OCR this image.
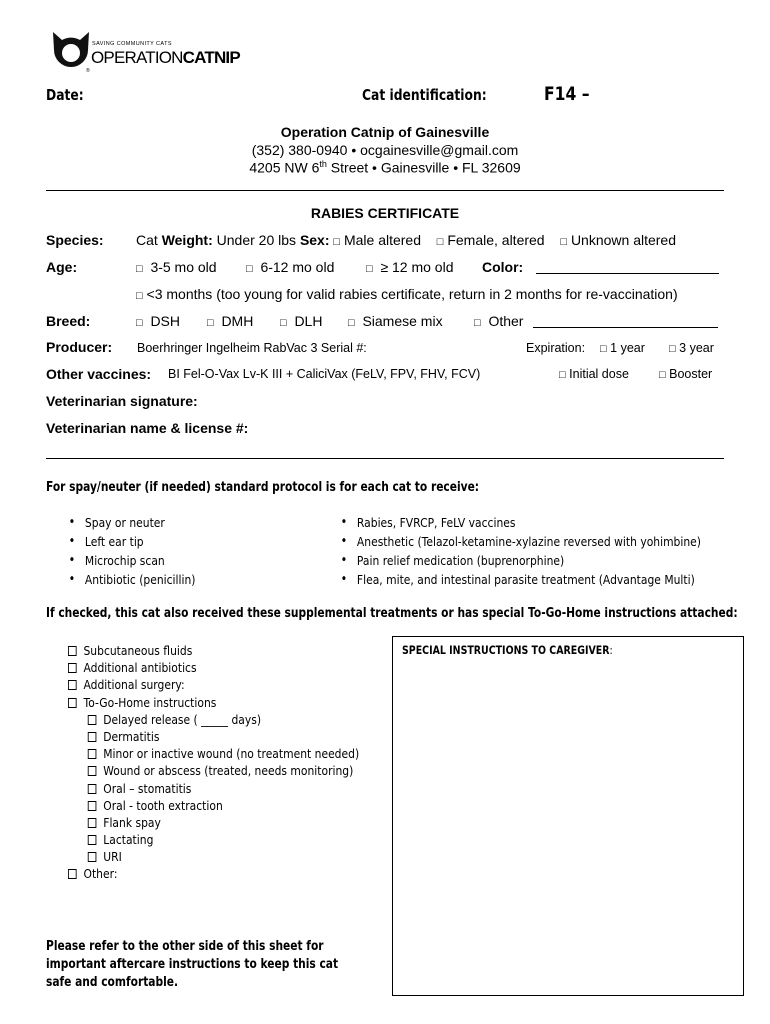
SAVING COMMUNITY CATS
OPERATIONCATNIP
®
Date:	Cat identification:	F14 –
Operation Catnip of Gainesville
(352) 380-0940 • ocgainesville@gmail.com
4205 NW 6th Street • Gainesville • FL 32609
RABIES CERTIFICATE
Species: Cat Weight: Under 20 lbs Sex: □ Male altered □ Female, altered □ Unknown altered
Age:	□ 3-5 mo old	□ 6-12 mo old	□ ≥ 12 mo old Color:
□ <3 months (too young for valid rabies certificate, return in 2 months for re-vaccination)
Breed:	□ DSH □ DMH □ DLH □ Siamese mix	□ Other
Producer: Boerhringer Ingelheim RabVac 3 Serial #:	Expiration: □ 1 year □ 3 year
Other vaccines: BI Fel-O-Vax Lv-K III + CaliciVax (FeLV, FPV, FHV, FCV)	□ Initial dose	□ Booster
Veterinarian signature:
Veterinarian name & license #:
For spay/neuter (if needed) standard protocol is for each cat to receive:
• Spay or neuter
• Left ear tip
• Microchip scan
• Antibiotic (penicillin)
• Rabies, FVRCP, FeLV vaccines
• Anesthetic (Telazol-ketamine-xylazine reversed with yohimbine)
• Pain relief medication (buprenorphine)
• Flea, mite, and intestinal parasite treatment (Advantage Multi)
If checked, this cat also received these supplemental treatments or has special To-Go-Home instructions attached:
Subcutaneous fluids
Additional antibiotics
Additional surgery:
To-Go-Home instructions
Delayed release ( _____ days)
Dermatitis
Minor or inactive wound (no treatment needed)
Wound or abscess (treated, needs monitoring)
Oral – stomatitis
Oral - tooth extraction
Flank spay
Lactating
URI
Other:
SPECIAL INSTRUCTIONS TO CAREGIVER:
Please refer to the other side of this sheet for important aftercare instructions to keep this cat safe and comfortable.
